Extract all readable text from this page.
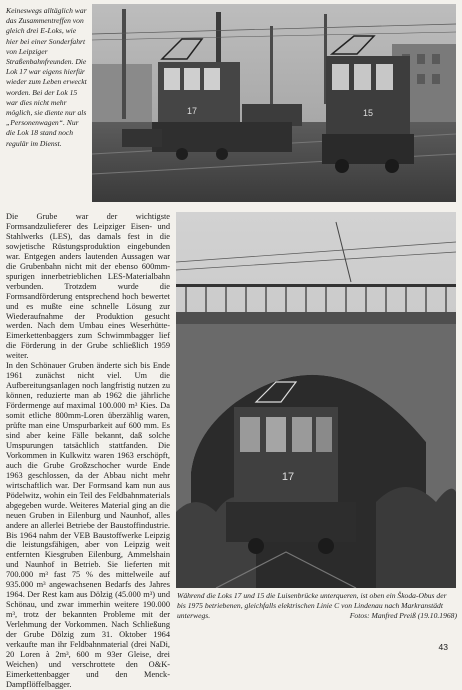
Keineswegs alltäglich war das Zusammentreffen von gleich drei E-Loks, wie hier bei einer Sonderfahrt von Leipziger Straßenbahnfreunden. Die Lok 17 war eigens hierfür wieder zum Leben erweckt worden. Bei der Lok 15 war dies nicht mehr möglich, sie diente nur als „Personenwagen“. Nur die Lok 18 stand noch regulär im Dienst.
17	15

Die Grube war der wichtigste Formsandzulieferer des Leipziger Eisen- und Stahlwerks (LES), das damals fest in die sowjetische Rüstungsproduktion eingebunden war. Entgegen anders lautenden Aussagen war die Grubenbahn nicht mit der ebenso 600mm-spurigen innerbetrieblichen LES-Materialbahn verbunden. Trotzdem wurde die Formsandförderung entsprechend hoch bewertet und es mußte eine schnelle Lösung zur Wiederaufnahme der Produktion gesucht werden. Nach dem Umbau eines Weserhütte-Eimerkettenbaggers zum Schwimmbagger lief die Förderung in der Grube schließlich 1959 weiter.

In den Schönauer Gruben änderte sich bis Ende 1961 zunächst nicht viel. Um die Aufbereitungsanlagen noch langfristig nutzen zu können, reduzierte man ab 1962 die jährliche Fördermenge auf maximal 100.000 m³ Kies. Da somit etliche 800mm-Loren überzählig waren, prüfte man eine Umspurbarkeit auf 600 mm. Es sind aber keine Fälle bekannt, daß solche Umspurungen tatsächlich stattfanden. Die Vorkommen in Kulkwitz waren 1963 erschöpft, auch die Grube Großzschocher wurde Ende 1963 geschlossen, da der Abbau nicht mehr wirtschaftlich war. Der Formsand kam nun aus Pödelwitz, wohin ein Teil des Feldbahnmaterials abgegeben wurde. Weiteres Material ging an die neuen Gruben in Eilenburg und Naunhof, alles andere an allerlei Betriebe der Baustoffindustrie. Bis 1964 nahm der VEB Baustoffwerke Leipzig die leistungsfähigen, aber von Leipzig weit entfernten Kiesgruben Eilenburg, Ammelshain und Naunhof in Betrieb. Sie lieferten mit 700.000 m³ fast 75 % des mittelweile auf 935.000 m³ angewachsenen Bedarfs des Jahres 1964. Der Rest kam aus Dölzig (45.000 m³) und Schönau, und zwar immerhin weitere 190.000 m³, trotz der bekannten Probleme mit der Verlehmung der Vorkommen. Nach Schließung der Grube Dölzig zum 31. Oktober 1964 verkaufte man ihr Feldbahnmaterial (drei NaDi, 20 Loren à 2m³, 600 m 93er Gleise, drei Weichen) und verschrottete den O&K-Eimerkettenbagger und den Menck-Dampflöffelbagger.

17
Während die Loks 17 und 15 die Luisenbrücke unterqueren, ist oben ein Škoda-Obus der bis 1975 betriebenen, gleichfalls elektrischen Linie C von Lindenau nach Markranstädt unterwegs.	Fotos: Manfred Preiß (19.10.1968)
43
